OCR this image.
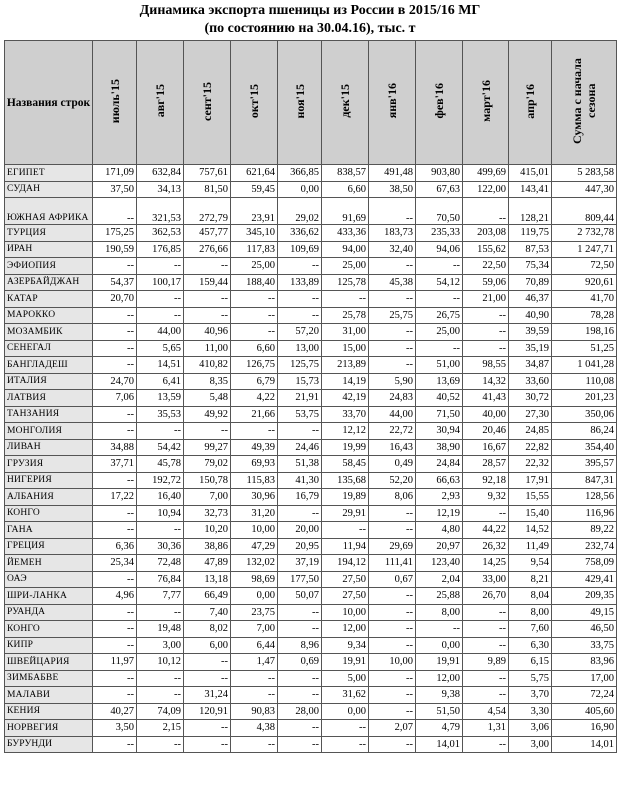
Динамика экспорта пшеницы из России в 2015/16 МГ
(по состоянию на 30.04.16), тыс. т
Названия строк	июль'15	авг'15	сент'15	окт'15	ноя'15	дек'15	янв'16	фев'16	март'16	апр'16	Сумма с начала сезона
ЕГИПЕТ	171,09	632,84	757,61	621,64	366,85	838,57	491,48	903,80	499,69	415,01	5 283,58
СУДАН	37,50	34,13	81,50	59,45	0,00	6,60	38,50	67,63	122,00	143,41	447,30
ЮЖНАЯ АФРИКА	--	321,53	272,79	23,91	29,02	91,69	--	70,50	--	128,21	809,44
ТУРЦИЯ	175,25	362,53	457,77	345,10	336,62	433,36	183,73	235,33	203,08	119,75	2 732,78
ИРАН	190,59	176,85	276,66	117,83	109,69	94,00	32,40	94,06	155,62	87,53	1 247,71
ЭФИОПИЯ	--	--	--	25,00	--	25,00	--	--	22,50	75,34	72,50
АЗЕРБАЙДЖАН	54,37	100,17	159,44	188,40	133,89	125,78	45,38	54,12	59,06	70,89	920,61
КАТАР	20,70	--	--	--	--	--	--	--	21,00	46,37	41,70
МАРОККО	--	--	--	--	--	25,78	25,75	26,75	--	40,90	78,28
МОЗАМБИК	--	44,00	40,96	--	57,20	31,00	--	25,00	--	39,59	198,16
СЕНЕГАЛ	--	5,65	11,00	6,60	13,00	15,00	--	--	--	35,19	51,25
БАНГЛАДЕШ	--	14,51	410,82	126,75	125,75	213,89	--	51,00	98,55	34,87	1 041,28
ИТАЛИЯ	24,70	6,41	8,35	6,79	15,73	14,19	5,90	13,69	14,32	33,60	110,08
ЛАТВИЯ	7,06	13,59	5,48	4,22	21,91	42,19	24,83	40,52	41,43	30,72	201,23
ТАНЗАНИЯ	--	35,53	49,92	21,66	53,75	33,70	44,00	71,50	40,00	27,30	350,06
МОНГОЛИЯ	--	--	--	--	--	12,12	22,72	30,94	20,46	24,85	86,24
ЛИВАН	34,88	54,42	99,27	49,39	24,46	19,99	16,43	38,90	16,67	22,82	354,40
ГРУЗИЯ	37,71	45,78	79,02	69,93	51,38	58,45	0,49	24,84	28,57	22,32	395,57
НИГЕРИЯ	--	192,72	150,78	115,83	41,30	135,68	52,20	66,63	92,18	17,91	847,31
АЛБАНИЯ	17,22	16,40	7,00	30,96	16,79	19,89	8,06	2,93	9,32	15,55	128,56
КОНГО	--	10,94	32,73	31,20	--	29,91	--	12,19	--	15,40	116,96
ГАНА	--	--	10,20	10,00	20,00	--	--	4,80	44,22	14,52	89,22
ГРЕЦИЯ	6,36	30,36	38,86	47,29	20,95	11,94	29,69	20,97	26,32	11,49	232,74
ЙЕМЕН	25,34	72,48	47,89	132,02	37,19	194,12	111,41	123,40	14,25	9,54	758,09
ОАЭ	--	76,84	13,18	98,69	177,50	27,50	0,67	2,04	33,00	8,21	429,41
ШРИ-ЛАНКА	4,96	7,77	66,49	0,00	50,07	27,50	--	25,88	26,70	8,04	209,35
РУАНДА	--	--	7,40	23,75	--	10,00	--	8,00	--	8,00	49,15
КОНГО	--	19,48	8,02	7,00	--	12,00	--	--	--	7,60	46,50
КИПР	--	3,00	6,00	6,44	8,96	9,34	--	0,00	--	6,30	33,75
ШВЕЙЦАРИЯ	11,97	10,12	--	1,47	0,69	19,91	10,00	19,91	9,89	6,15	83,96
ЗИМБАБВЕ	--	--	--	--	--	5,00	--	12,00	--	5,75	17,00
МАЛАВИ	--	--	31,24	--	--	31,62	--	9,38	--	3,70	72,24
КЕНИЯ	40,27	74,09	120,91	90,83	28,00	0,00	--	51,50	4,54	3,30	405,60
НОРВЕГИЯ	3,50	2,15	--	4,38	--	--	2,07	4,79	1,31	3,06	16,90
БУРУНДИ	--	--	--	--	--	--	--	14,01	--	3,00	14,01
